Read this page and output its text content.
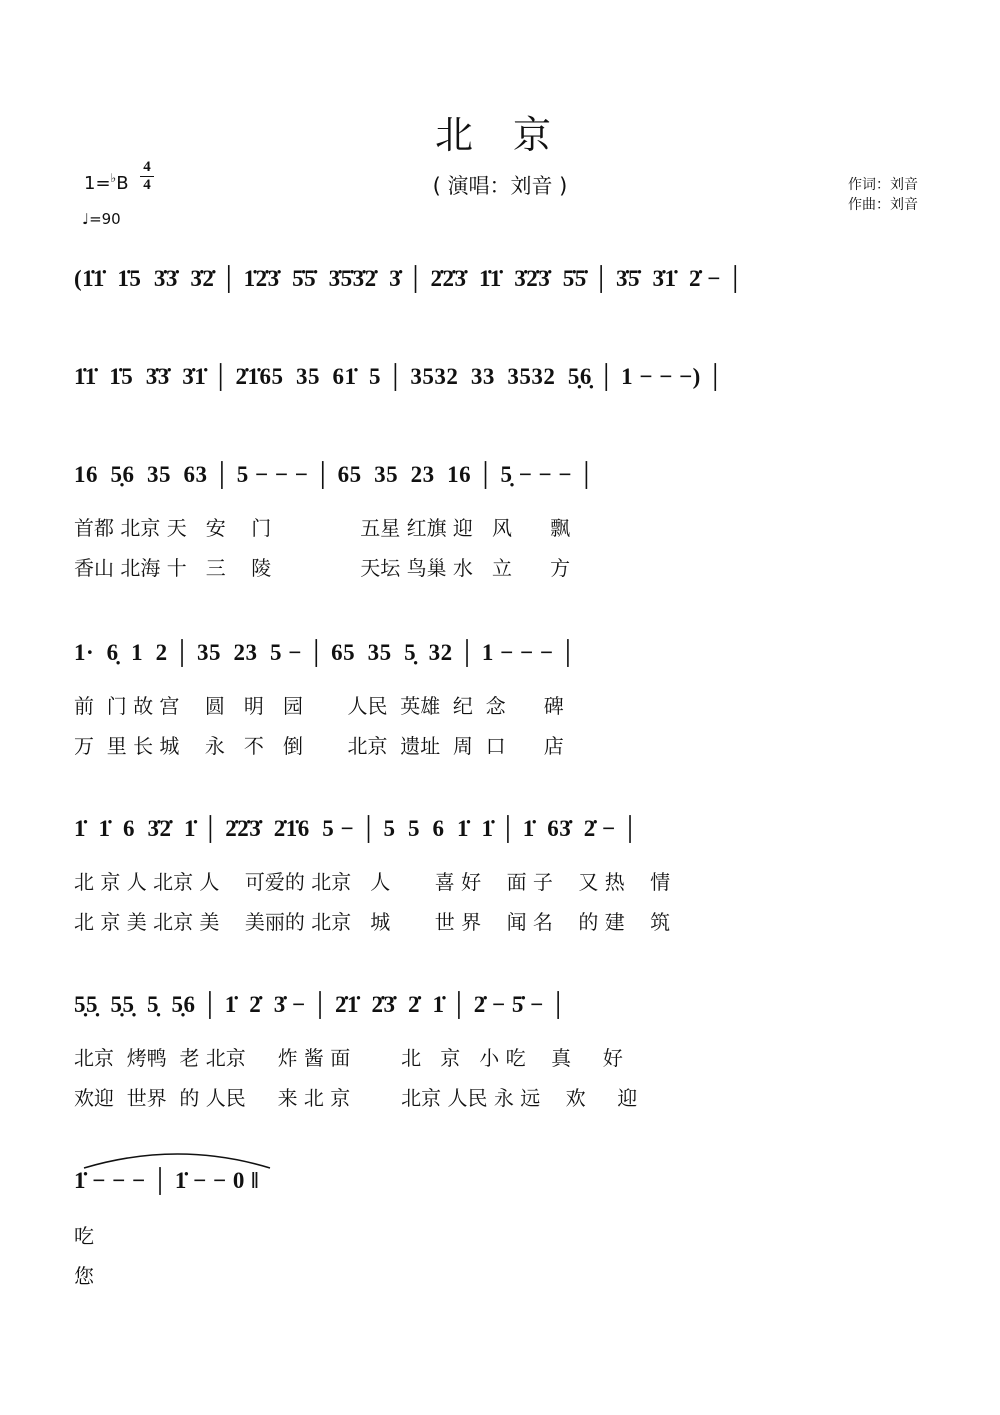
北 京
( 演唱：刘音 )
1=♭B
4
4
♩=90
作词：刘音
作曲：刘音
(1̇1̇  1̇5  3̇3̇  3̇2̇ │ 1̇2̇3̇  5̇5̇  3̇5̇3̇2̇  3̇ │ 2̇2̇3̇  1̇1̇  3̇2̇3̇  5̇5̇ │ 3̇5̇  3̇1̇  2̇ − │
1̇1̇  1̇5  3̇3̇  3̇1̇ │ 2̇1̇65  35  61̇  5 │ 3532  33  3532  5̣6̣ │ 1 − − −) │
16  5̣6  35  63 │ 5 − − − │ 65  35  23  16 │ 5̣ − − − │
首都 北京 天   安    门              五星 红旗 迎   风      飘
香山 北海 十   三    陵              天坛 鸟巢 水   立      方
1·  6̣  1  2 │ 35  23  5 − │ 65  35  5̣  32 │ 1 − − − │
前  门 故 宫    圆   明   园       人民  英雄  纪  念      碑
万  里 长 城    永   不   倒       北京  遗址  周  口      店
1̇  1̇  6  3̇2̇  1̇ │ 2̇2̇3̇  2̇1̇6  5 − │ 5  5  6  1̇  1̇ │ 1̇  63̇  2̇ − │
北 京 人 北京 人    可爱的 北京   人       喜 好    面 子    又 热    情
北 京 美 北京 美    美丽的 北京   城       世 界    闻 名    的 建    筑
5̣5̣  5̣5̣  5̣  5̣6 │ 1̇  2̇  3̇ − │ 2̇1̇  2̇3̇  2̇  1̇ │ 2̇ − 5̇ − │
北京  烤鸭  老 北京     炸 酱 面        北   京   小 吃    真     好
欢迎  世界  的 人民     来 北 京        北京 人民 永 远    欢     迎
1̇ − − − │ 1̇ − − 0 ‖
吃
您
